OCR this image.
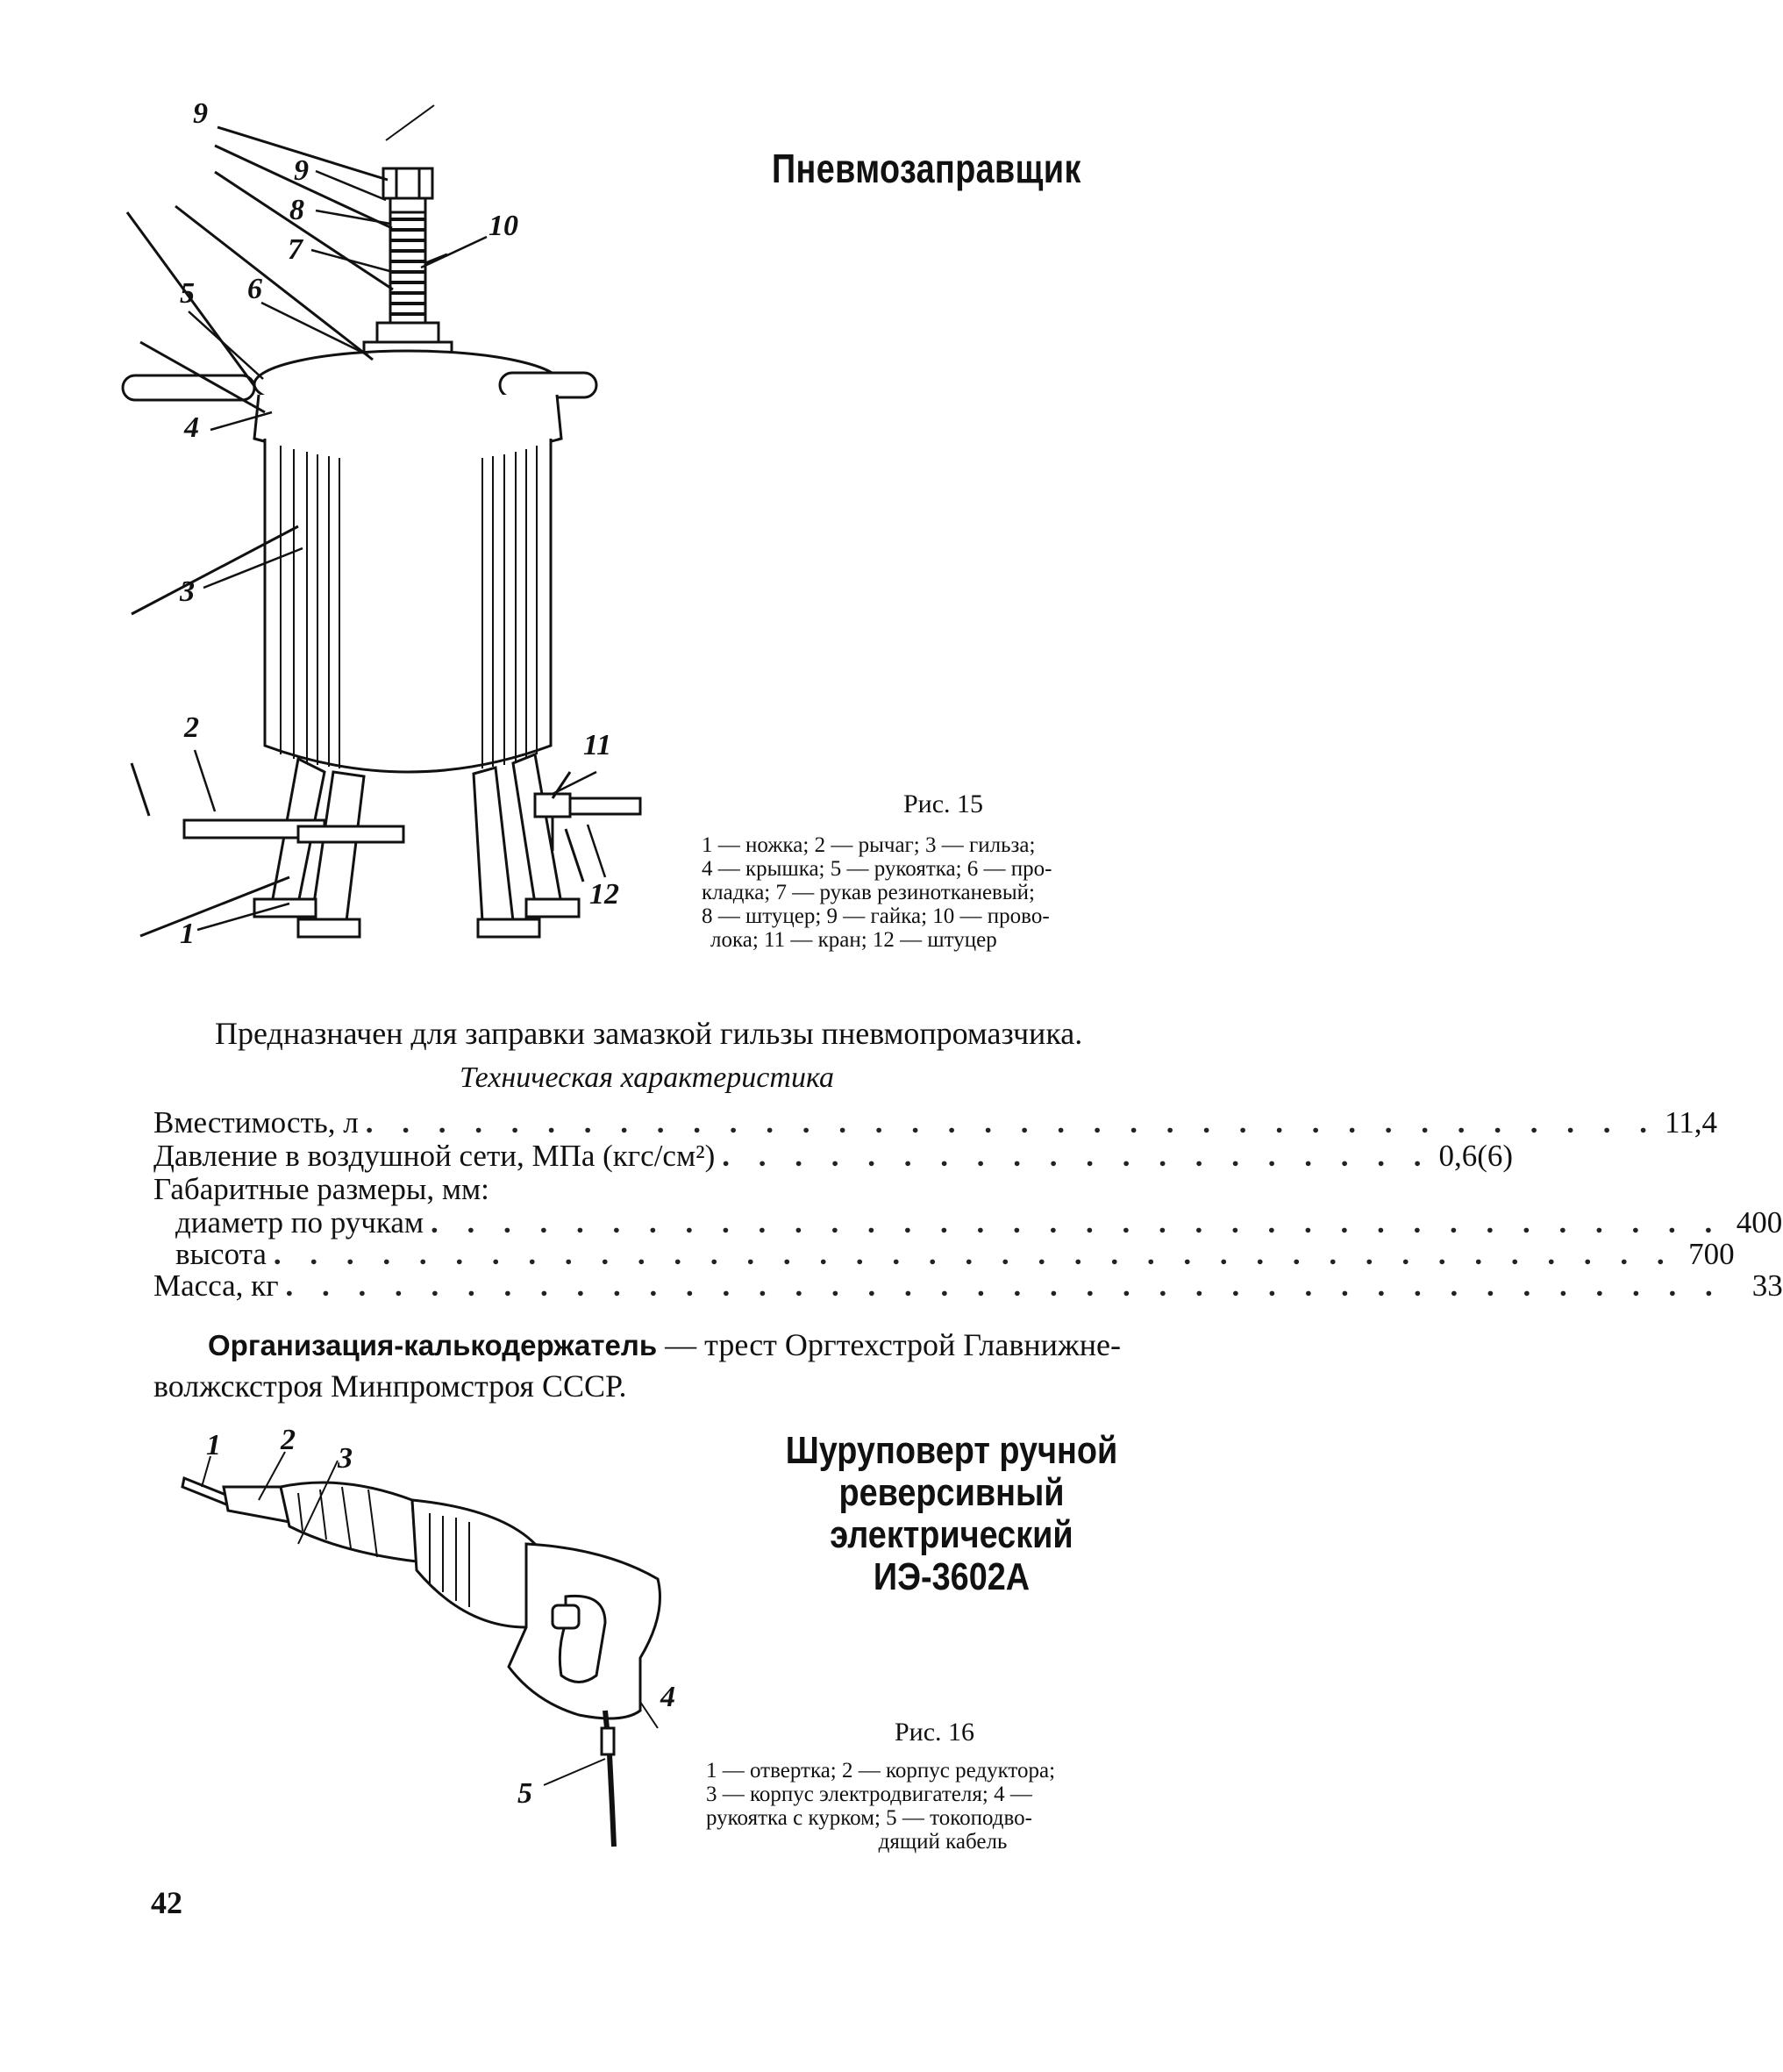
Пневмозаправщик
9
9
8
7
10
5 6
4
3
2
1
11
12
Рис. 15
1 — ножка; 2 — рычаг; 3 — гильза;
4 — крышка; 5 — рукоятка; 6 — про-
кладка; 7 — рукав резинотканевый;
8 — штуцер; 9 — гайка; 10 — прово-
лока; 11 — кран; 12 — штуцер
Предназначен для заправки замазкой гильзы пневмопромазчика.
Техническая характеристика
Вместимость, л . . . . . . . . . . . . . . . . . . . . . . . . . . . . . . . . . . . . 11,4
Давление в воздушной сети, МПа (кгс/см²) . . . . . . . . . . . . . . . . . . . . 0,6(6)
Габаритные размеры, мм:
диаметр по ручкам . . . . . . . . . . . . . . . . . . . . . . . . . . . . . . . . . . . . 400
высота . . . . . . . . . . . . . . . . . . . . . . . . . . . . . . . . . . . . . . . 700
Масса, кг . . . . . . . . . . . . . . . . . . . . . . . . . . . . . . . . . . . . . . . . 33
Организация-калькодержатель — трест Оргтехстрой Главнижне-
волжскстроя Минпромстроя СССР.
Шуруповерт ручной
реверсивный
электрический
ИЭ-3602А
1 2
3
4
5
Рис. 16
1 — отвертка; 2 — корпус редуктора;
3 — корпус электродвигателя; 4 —
рукоятка с курком; 5 — токоподво-
дящий кабель
42
